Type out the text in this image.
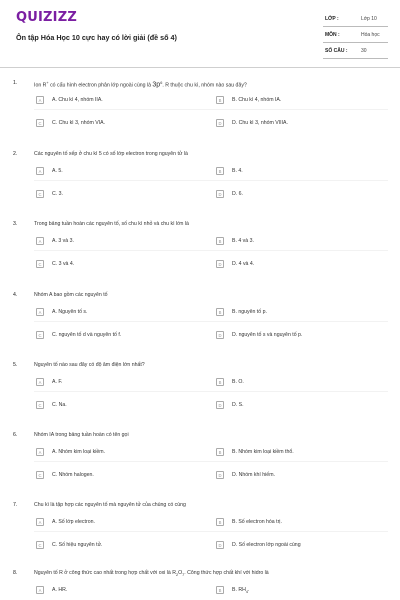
QUIZIZZ
Ôn tập Hóa Học 10 cực hay có lời giải (đề số 4)
LỚP :	Lớp 10
MÔN :	Hóa học
SỐ CÂU :	30
1.	Ion R+ có cấu hình electron phân lớp ngoài cùng là $3p^6$. R thuộc chu kì, nhóm nào sau đây?
A	A. Chu kì 4, nhóm IIA.	B	B. Chu kì 4, nhóm IA.
C	C. Chu kì 3, nhóm VIA.	D	D. Chu kì 3, nhóm VIIIA.
2.	Các nguyên tố xếp ở chu kì 5 có số lớp electron trong nguyên tử là
A	A. 5.	B	B. 4.
C	C. 3.	D	D. 6.
3.	Trong bảng tuần hoàn các nguyên tố, số chu kì nhỏ và chu kì lớn là
A	A. 3 và 3.	B	B. 4 và 3.
C	C. 3 và 4.	D	D. 4 và 4.
4.	Nhóm A bao gồm các nguyên tố
A	A. Nguyên tố s.	B	B. nguyên tố p.
C	C. nguyên tố d và nguyên tố f.	D	D. nguyên tố s và nguyên tố p.
5.	Nguyên tố nào sau đây có độ âm điện lớn nhất?
A	A. F.	B	B. O.
C	C. Na.	D	D. S.
6.	Nhóm IA trong bảng tuần hoàn có tên gọi
A	A. Nhóm kim loại kiềm.	B	B. Nhóm kim loại kiềm thổ.
C	C. Nhóm halogen.	D	D. Nhóm khí hiếm.
7.	Chu kì là tập hợp các nguyên tố mà nguyên tử của chúng có cùng
A	A. Số lớp electron.	B	B. Số electron hóa trị.
C	C. Số hiệu nguyên tử.	D	D. Số electron lớp ngoài cùng
8.	Nguyên tố R ở công thức cao nhất trong hợp chất với oxi là $R_2O_7$. Công thức hợp chất khí với hidro là
A	A. HR.	B	B. $RH_4$.
